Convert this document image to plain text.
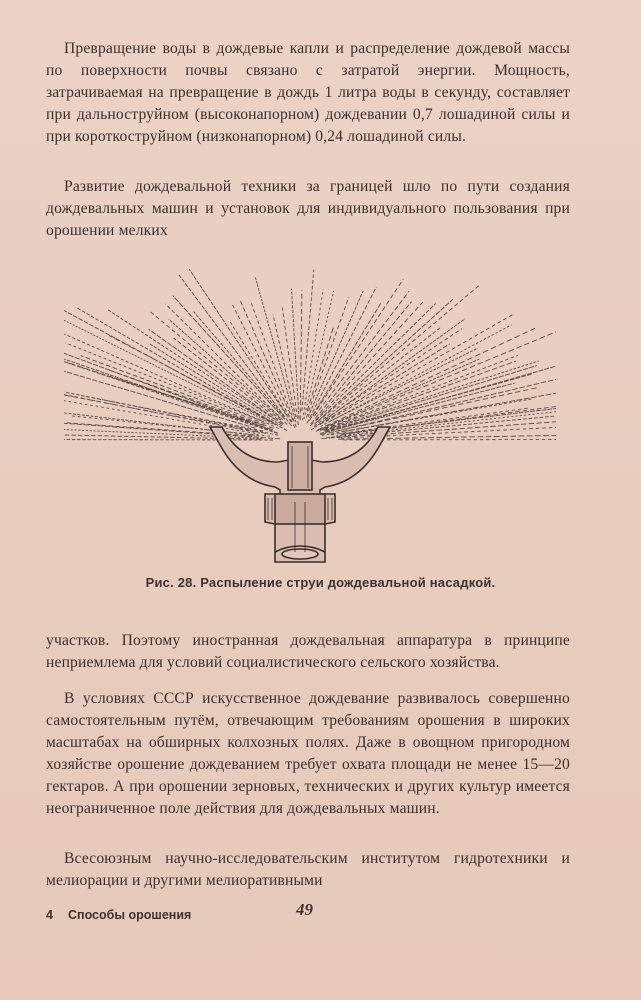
Превращение воды в дождевые капли и распределение дождевой массы по поверхности почвы связано с затратой энергии. Мощность, затрачиваемая на превращение в дождь 1 литра воды в секунду, составляет при дальноструйном (высоконапорном) дождевании 0,7 лошадиной силы и при короткоструйном (низконапорном) 0,24 лошадиной силы.

Развитие дождевальной техники за границей шло по пути создания дождевальных машин и установок для индивидуального пользования при орошении мелких

Рис. 28. Распыление струи дождевальной насадкой.

участков. Поэтому иностранная дождевальная аппаратура в принципе неприемлема для условий социалистического сельского хозяйства.

В условиях СССР искусственное дождевание развивалось совершенно самостоятельным путём, отвечающим требованиям орошения в широких масштабах на обширных колхозных полях. Даже в овощном пригородном хозяйстве орошение дождеванием требует охвата площади не менее 15—20 гектаров. А при орошении зерновых, технических и других культур имеется неограниченное поле действия для дождевальных машин.

Всесоюзным научно-исследовательским институтом гидротехники и мелиорации и другими мелиоративными

4 Способы орошения	49
